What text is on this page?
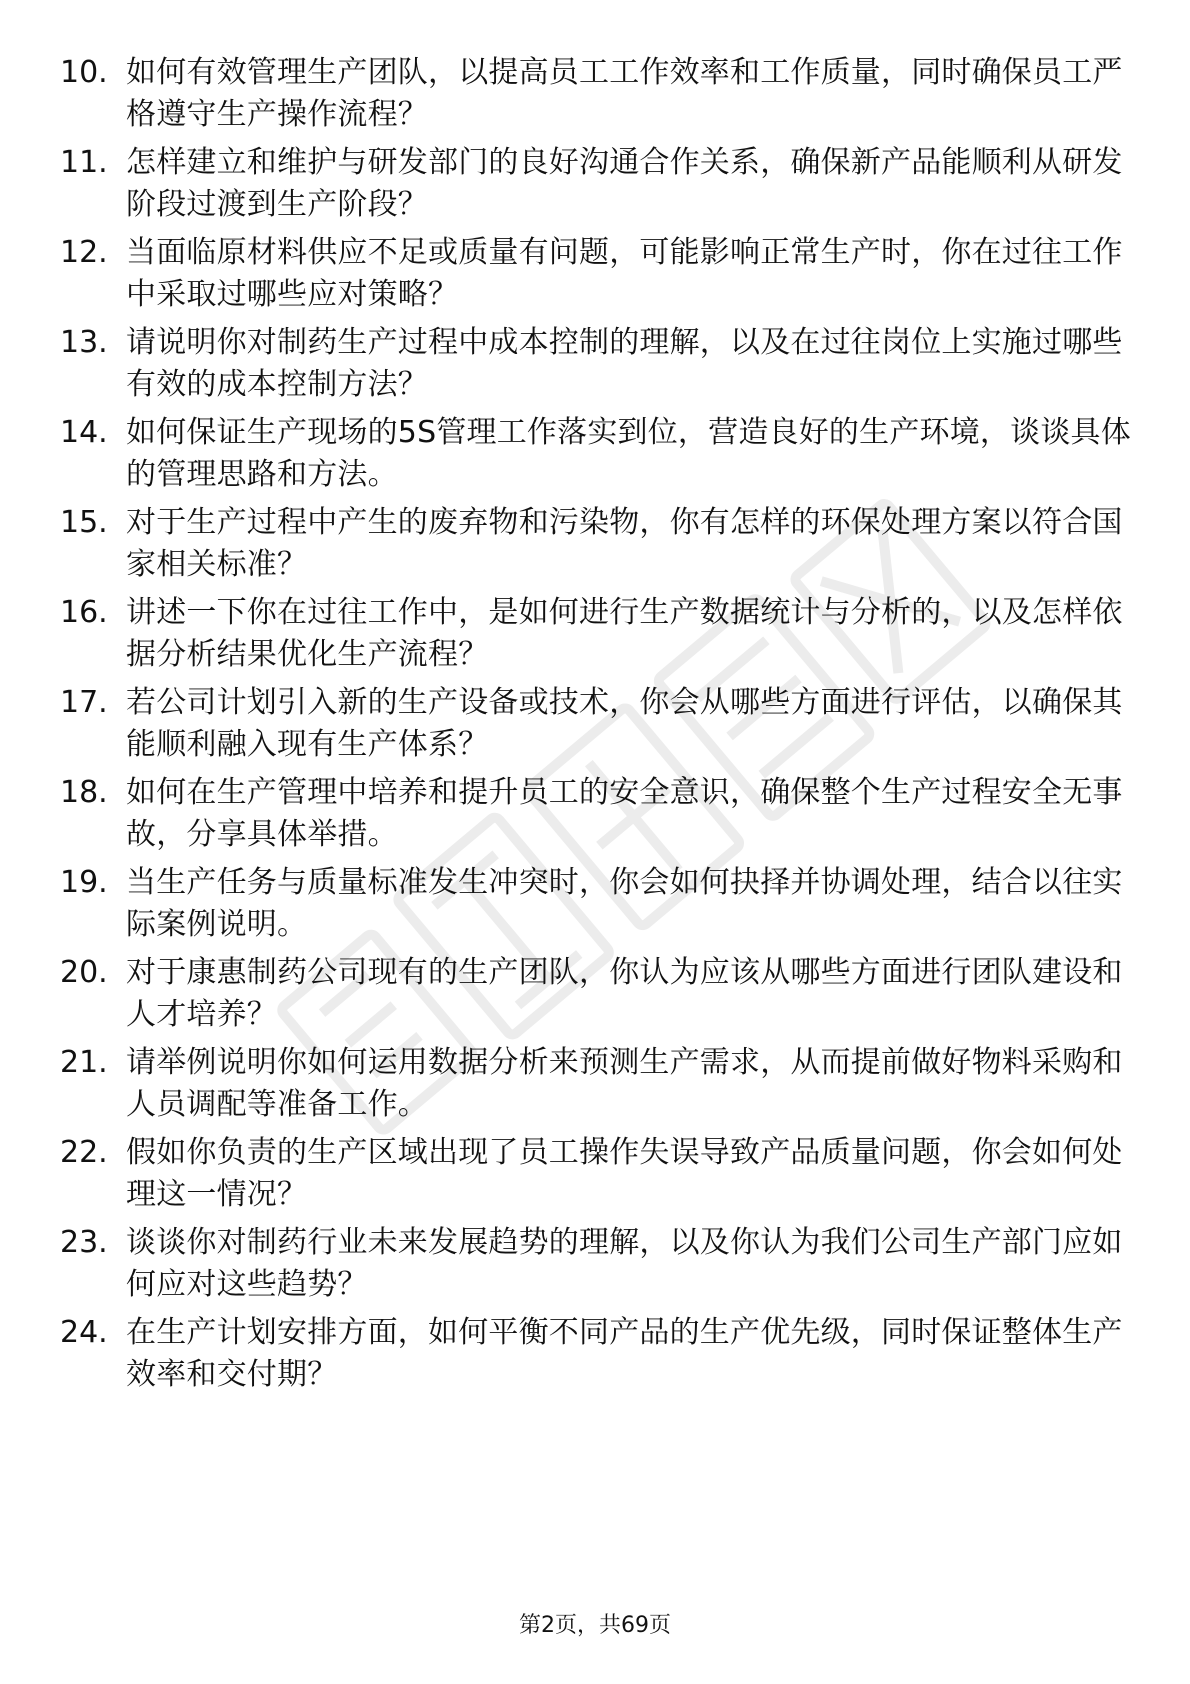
10. 如何有效管理生产团队，以提高员工工作效率和工作质量，同时确保员工严格遵守生产操作流程？
11. 怎样建立和维护与研发部门的良好沟通合作关系，确保新产品能顺利从研发阶段过渡到生产阶段？
12. 当面临原材料供应不足或质量有问题，可能影响正常生产时，你在过往工作中采取过哪些应对策略？
13. 请说明你对制药生产过程中成本控制的理解，以及在过往岗位上实施过哪些有效的成本控制方法？
14. 如何保证生产现场的5S管理工作落实到位，营造良好的生产环境，谈谈具体的管理思路和方法。
15. 对于生产过程中产生的废弃物和污染物，你有怎样的环保处理方案以符合国家相关标准？
16. 讲述一下你在过往工作中，是如何进行生产数据统计与分析的，以及怎样依据分析结果优化生产流程？
17. 若公司计划引入新的生产设备或技术，你会从哪些方面进行评估，以确保其能顺利融入现有生产体系？
18. 如何在生产管理中培养和提升员工的安全意识，确保整个生产过程安全无事故，分享具体举措。
19. 当生产任务与质量标准发生冲突时，你会如何抉择并协调处理，结合以往实际案例说明。
20. 对于康惠制药公司现有的生产团队，你认为应该从哪些方面进行团队建设和人才培养？
21. 请举例说明你如何运用数据分析来预测生产需求，从而提前做好物料采购和人员调配等准备工作。
22. 假如你负责的生产区域出现了员工操作失误导致产品质量问题，你会如何处理这一情况？
23. 谈谈你对制药行业未来发展趋势的理解，以及你认为我们公司生产部门应如何应对这些趋势？
24. 在生产计划安排方面，如何平衡不同产品的生产优先级，同时保证整体生产效率和交付期？
第2页，共69页
